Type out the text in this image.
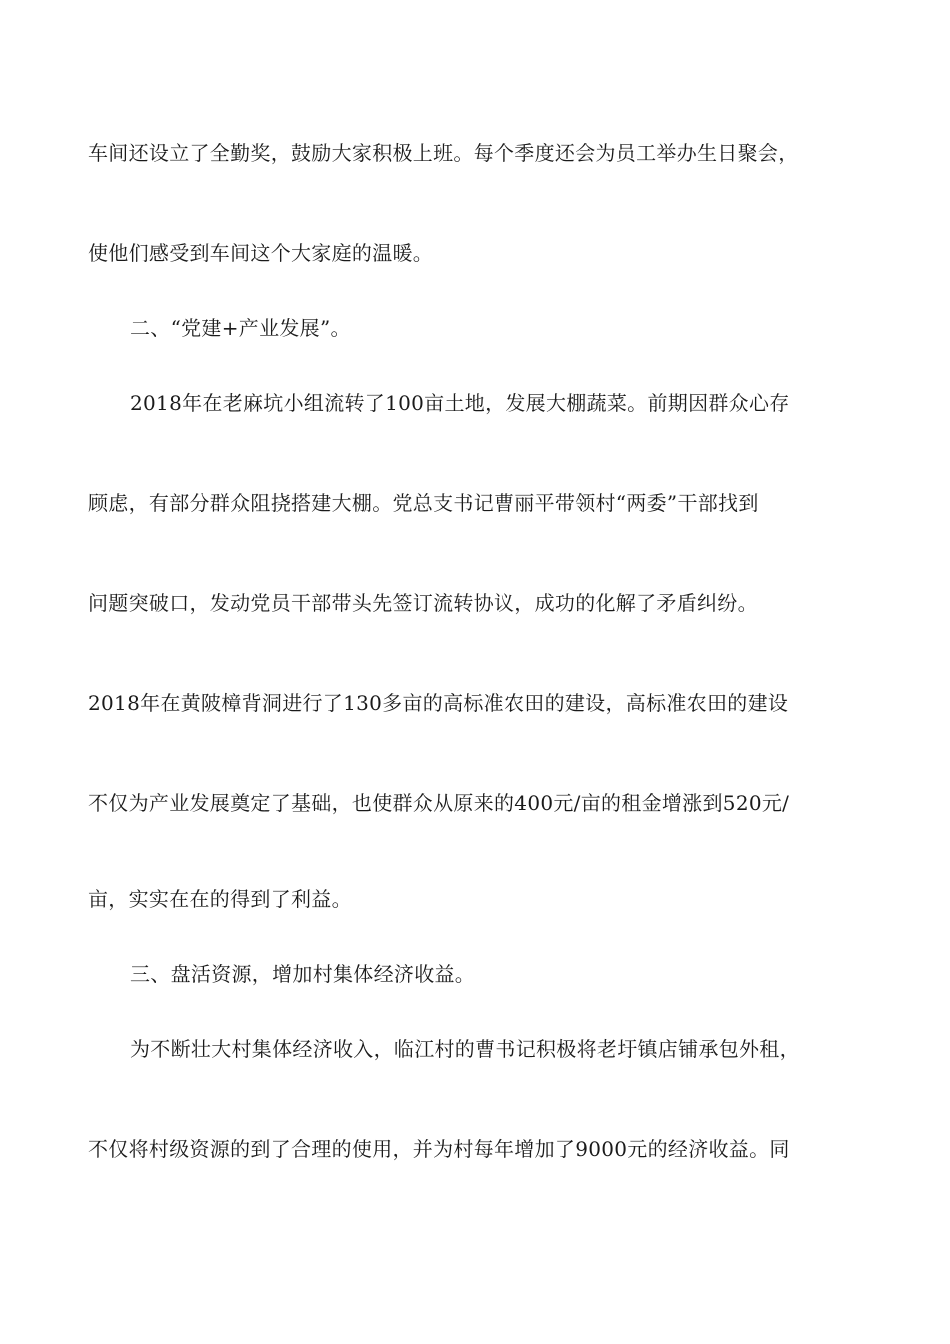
车间还设立了全勤奖，鼓励大家积极上班。每个季度还会为员工举办生日聚会，
使他们感受到车间这个大家庭的温暖。
二、“党建+产业发展”。
2018年在老麻坑小组流转了100亩土地，发展大棚蔬菜。前期因群众心存
顾虑，有部分群众阻挠搭建大棚。党总支书记曹丽平带领村“两委”干部找到
问题突破口，发动党员干部带头先签订流转协议，成功的化解了矛盾纠纷。
2018年在黄陂樟背洞进行了130多亩的高标准农田的建设，高标准农田的建设
不仅为产业发展奠定了基础，也使群众从原来的400元/亩的租金增涨到520元/
亩，实实在在的得到了利益。
三、盘活资源，增加村集体经济收益。
为不断壮大村集体经济收入，临江村的曹书记积极将老圩镇店铺承包外租，
不仅将村级资源的到了合理的使用，并为村每年增加了9000元的经济收益。同
